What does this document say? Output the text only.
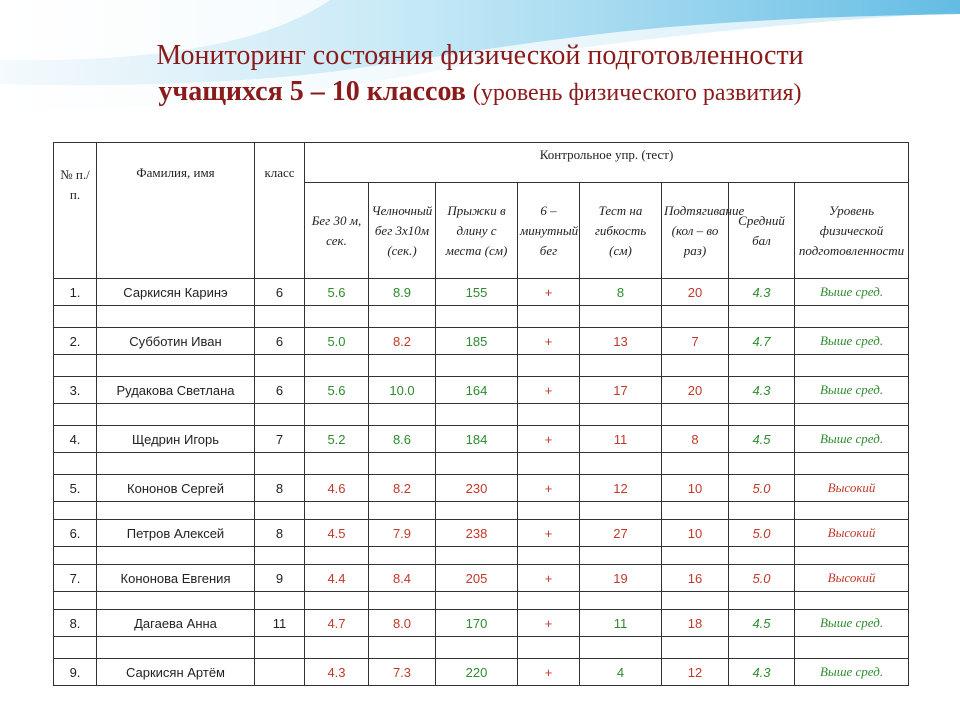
Мониторинг состояния физической подготовленности
учащихся 5 – 10 классов (уровень физического развития)
№ п./п.	Фамилия, имя	класс	Контрольное упр. (тест)							
			Бег 30 м, сек.	Челночный бег 3х10м (сек.)	Прыжки в длину с места (см)	6 – минутный бег	Тест на гибкость (см)	Подтягивание (кол – во раз)	Средний бал	Уровень физической подготовленности
1.	Саркисян Каринэ	6	5.6	8.9	155	+	8	20	4.3	Выше сред.

2.	Субботин Иван	6	5.0	8.2	185	+	13	7	4.7	Выше сред.

3.	Рудакова Светлана	6	5.6	10.0	164	+	17	20	4.3	Выше сред.

4.	Щедрин Игорь	7	5.2	8.6	184	+	11	8	4.5	Выше сред.

5.	Кононов Сергей	8	4.6	8.2	230	+	12	10	5.0	Высокий

6.	Петров Алексей	8	4.5	7.9	238	+	27	10	5.0	Высокий

7.	Кононова Евгения	9	4.4	8.4	205	+	19	16	5.0	Высокий

8.	Дагаева Анна	11	4.7	8.0	170	+	11	18	4.5	Выше сред.

9.	Саркисян Артём		4.3	7.3	220	+	4	12	4.3	Выше сред.
